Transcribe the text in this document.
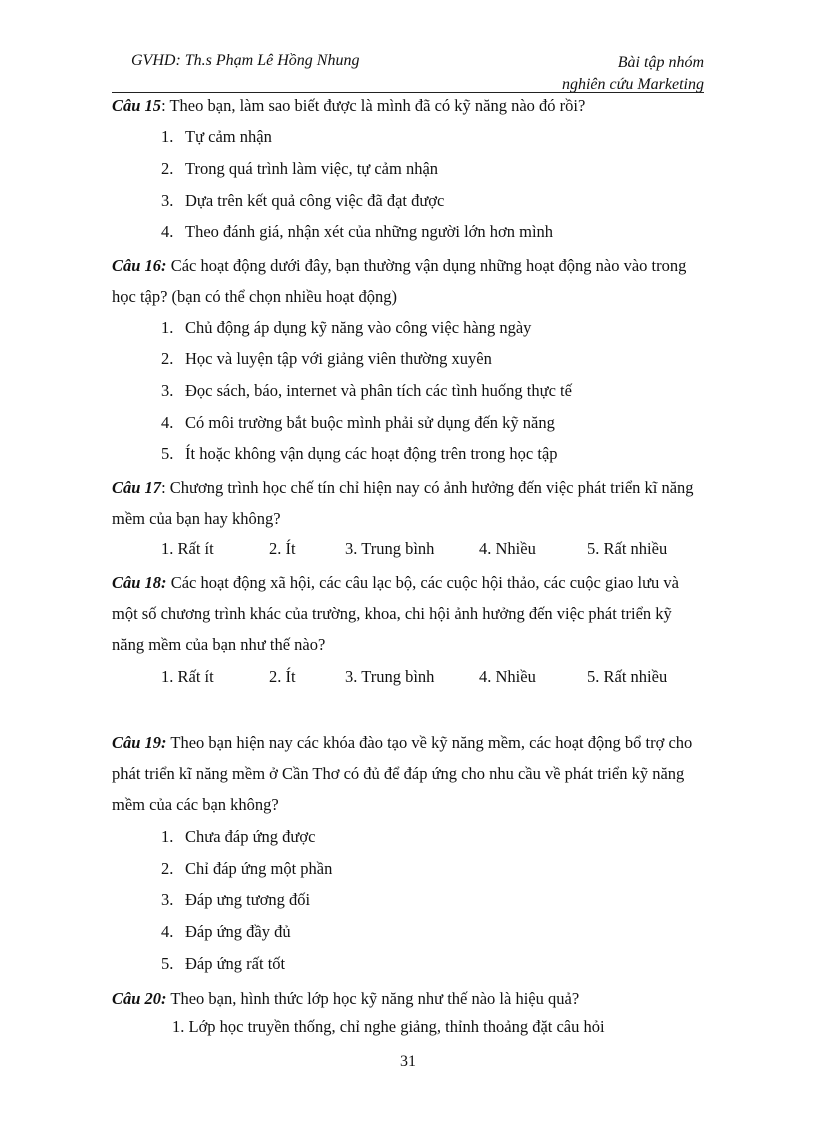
GVHD: Th.s Phạm Lê Hồng Nhung	Bài tập nhóm
nghiên cứu Marketing
Câu 15: Theo bạn, làm sao biết được là mình đã có kỹ năng nào đó rồi?
1. Tự cảm nhận
2. Trong quá trình làm việc, tự cảm nhận
3. Dựa trên kết quả công việc đã đạt được
4. Theo đánh giá, nhận xét của những người lớn hơn mình
Câu 16: Các hoạt động dưới đây, bạn thường vận dụng những hoạt động nào vào trong học tập? (bạn có thể chọn nhiều hoạt động)
1. Chủ động áp dụng kỹ năng vào công việc hàng ngày
2. Học và luyện tập với giảng viên thường xuyên
3. Đọc sách, báo, internet và phân tích các tình huống thực tế
4. Có môi trường bắt buộc mình phải sử dụng đến kỹ năng
5. Ít hoặc không vận dụng các hoạt động trên trong học tập
Câu 17: Chương trình học chế tín chỉ hiện nay có ảnh hưởng đến việc phát triển kĩ năng mềm của bạn hay không?
1. Rất ít	2. Ít	3. Trung bình	4. Nhiều	5. Rất nhiều
Câu 18: Các hoạt động xã hội, các câu lạc bộ, các cuộc hội thảo, các cuộc giao lưu và một số chương trình khác của trường, khoa, chi hội ảnh hưởng đến việc phát triển kỹ năng mềm của bạn như thế nào?
1. Rất ít	2. Ít	3. Trung bình	4. Nhiều	5. Rất nhiều
Câu 19: Theo bạn hiện nay các khóa đào tạo về kỹ năng mềm, các hoạt động bổ trợ cho phát triển kĩ năng mềm ở Cần Thơ có đủ để đáp ứng cho nhu cầu về phát triển kỹ năng mềm của các bạn không?
1. Chưa đáp ứng được
2. Chỉ đáp ứng một phần
3. Đáp ưng tương đối
4. Đáp ứng đầy đủ
5. Đáp ứng rất tốt
Câu 20: Theo bạn, hình thức lớp học kỹ năng như thế nào là hiệu quả?
1. Lớp học truyền thống, chỉ nghe giảng, thỉnh thoảng đặt câu hỏi
31
